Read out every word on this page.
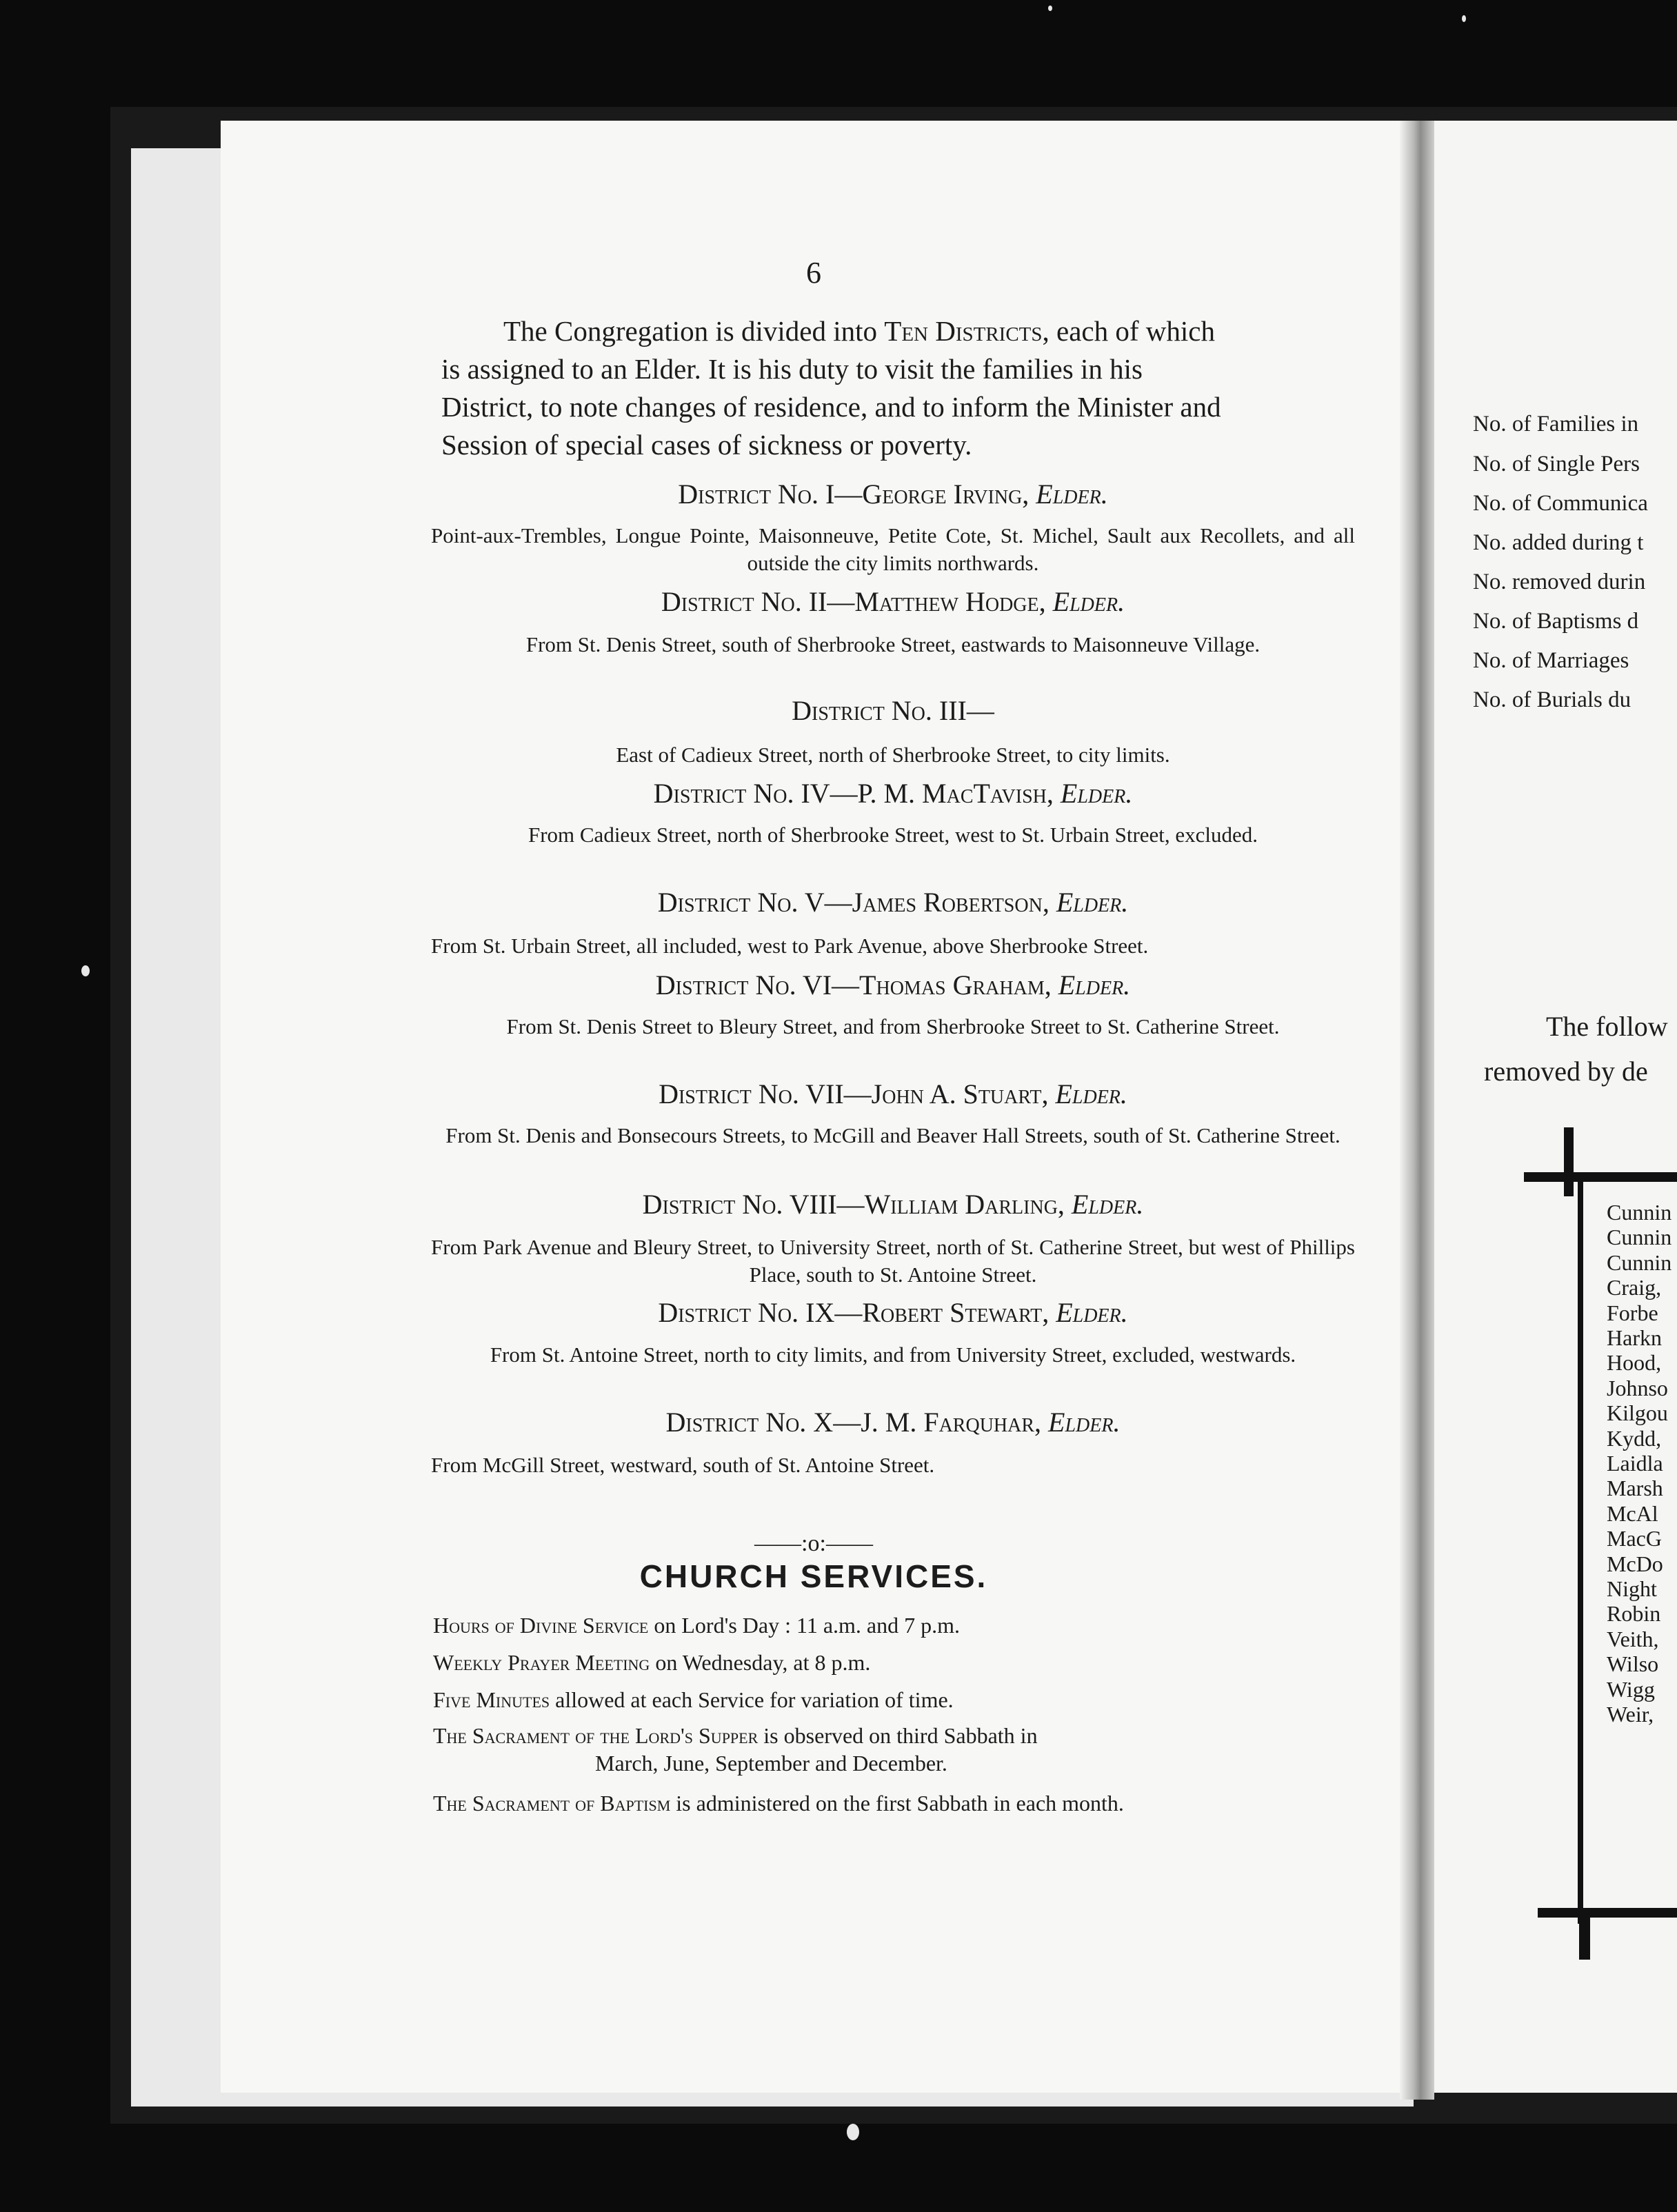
6
The Congregation is divided into Ten Districts, each of which
is assigned to an Elder. It is his duty to visit the families in his
District, to note changes of residence, and to inform the Minister and
Session of special cases of sickness or poverty.
District No. I—George Irving, Elder.
Point-aux-Trembles, Longue Pointe, Maisonneuve, Petite Cote, St. Michel, Sault aux Recollets, and all outside the city limits northwards.
District No. II—Matthew Hodge, Elder.
From St. Denis Street, south of Sherbrooke Street, eastwards to Maisonneuve Village.
District No. III—
East of Cadieux Street, north of Sherbrooke Street, to city limits.
District No. IV—P. M. MacTavish, Elder.
From Cadieux Street, north of Sherbrooke Street, west to St. Urbain Street, excluded.
District No. V—James Robertson, Elder.
From St. Urbain Street, all included, west to Park Avenue, above Sherbrooke Street.
District No. VI—Thomas Graham, Elder.
From St. Denis Street to Bleury Street, and from Sherbrooke Street to St. Catherine Street.
District No. VII—John A. Stuart, Elder.
From St. Denis and Bonsecours Streets, to McGill and Beaver Hall Streets, south of St. Catherine Street.
District No. VIII—William Darling, Elder.
From Park Avenue and Bleury Street, to University Street, north of St. Catherine Street, but west of Phillips Place, south to St. Antoine Street.
District No. IX—Robert Stewart, Elder.
From St. Antoine Street, north to city limits, and from University Street, excluded, westwards.
District No. X—J. M. Farquhar, Elder.
From McGill Street, westward, south of St. Antoine Street.
——:o:——
CHURCH SERVICES.
Hours of Divine Service on Lord's Day : 11 a.m. and 7 p.m.
Weekly Prayer Meeting on Wednesday, at 8 p.m.
Five Minutes allowed at each Service for variation of time.
The Sacrament of the Lord's Supper is observed on third Sabbath in
March, June, September and December.
The Sacrament of Baptism is administered on the first Sabbath in each month.
No. of Families in
No. of Single Pers
No. of Communica
No. added during t
No. removed durin
No. of Baptisms d
No. of Marriages
No. of Burials du
The follow
removed by de
Cunnin
Cunnin
Cunnin
Craig,
Forbe
Harkn
Hood,
Johnso
Kilgou
Kydd,
Laidla
Marsh
McAl
MacG
McDo
Night
Robin
Veith,
Wilso
Wigg
Weir,
